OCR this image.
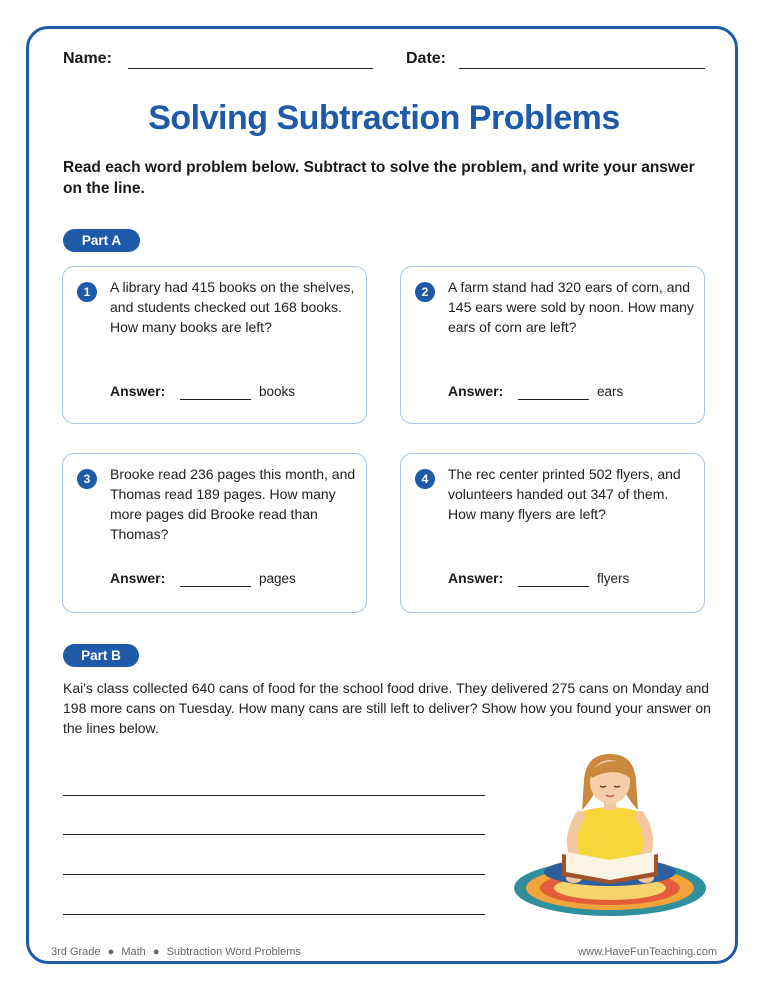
Name:	Date:
Solving Subtraction Problems
Read each word problem below. Subtract to solve the problem, and write your answer on the line.
Part A
1	A library had 415 books on the shelves, and students checked out 168 books. How many books are left?
Answer:	books
2	A farm stand had 320 ears of corn, and 145 ears were sold by noon. How many ears of corn are left?
Answer:	ears
3	Brooke read 236 pages this month, and Thomas read 189 pages. How many more pages did Brooke read than Thomas?
Answer:	pages
4	The rec center printed 502 flyers, and volunteers handed out 347 of them. How many flyers are left?
Answer:	flyers
Part B
Kai's class collected 640 cans of food for the school food drive. They delivered 275 cans on Monday and 198 more cans on Tuesday. How many cans are still left to deliver? Show how you found your answer on the lines below.
3rd Grade ● Math ● Subtraction Word Problems	www.HaveFunTeaching.com
